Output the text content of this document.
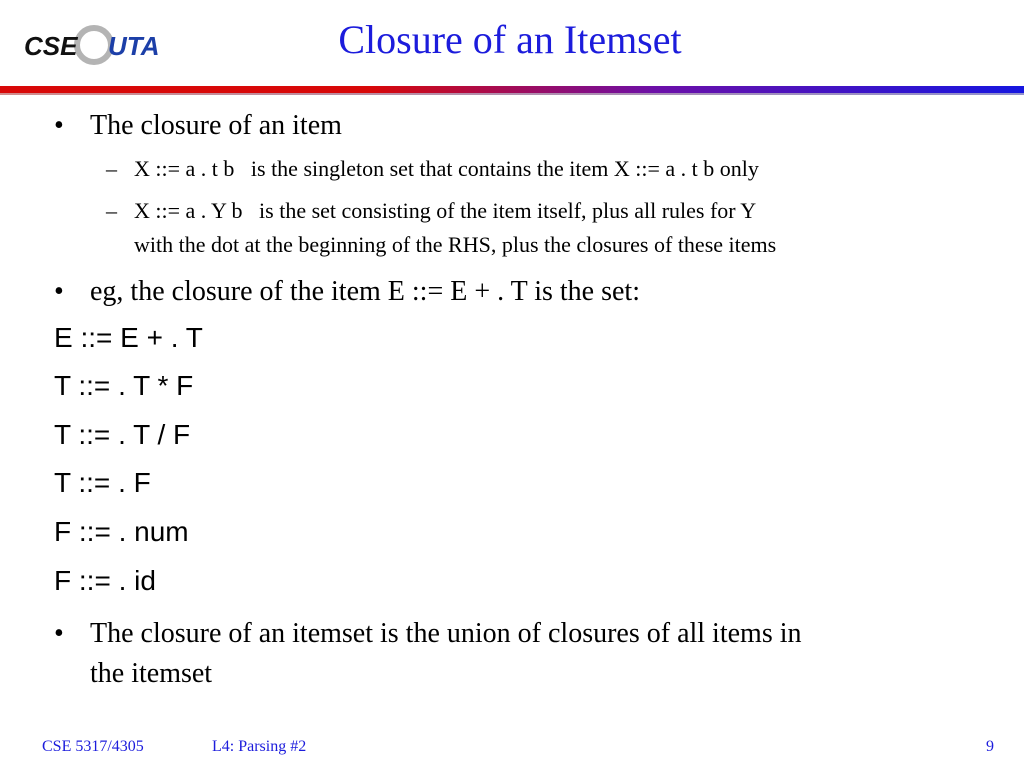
CSE UTA	Closure of an Itemset
• The closure of an item
– X ::= a . t b   is the singleton set that contains the item X ::= a . t b only
– X ::= a . Y b   is the set consisting of the item itself, plus all rules for Y
with the dot at the beginning of the RHS, plus the closures of these items
• eg, the closure of the item E ::= E + . T is the set:
E ::= E + . T
T ::= . T * F
T ::= . T / F
T ::= . F
F ::= . num
F ::= . id
• The closure of an itemset is the union of closures of all items in
the itemset
CSE 5317/4305	L4: Parsing #2	9
